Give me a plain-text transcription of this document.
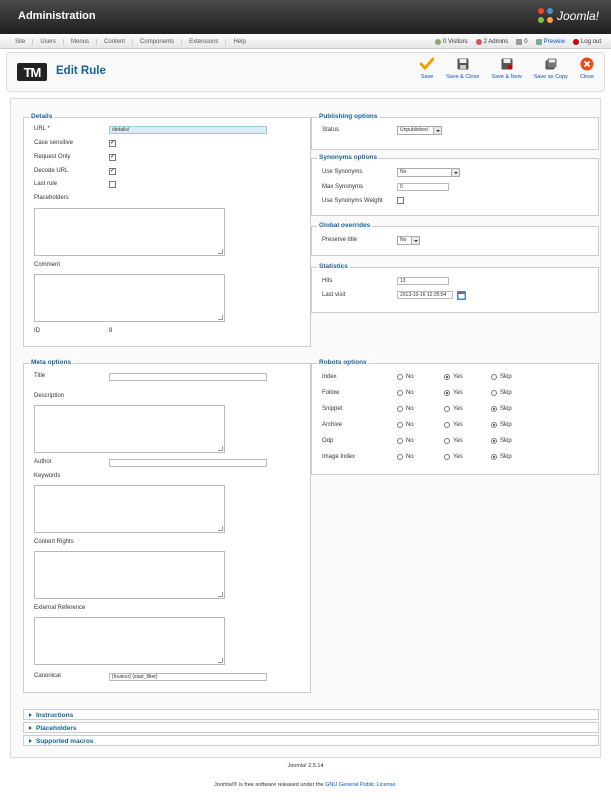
Administration	Joomla!
Site	Users	Menus	Content	Components	Extensions	Help	0 Visitors	2 Admins	0	Preview	Log out
TM	Edit Rule	Save Save & Close Save & New Save as Copy Close
Details
URL *	/details/
Case sensitive	✓
Request Only	✓
Decode URL	✓
Last rule
Placeholders
Comment
ID	8
Publishing options
Status	Unpublished
Synonyms options
Use Synonyms	No
Max Synonyms	0
Use Synonyms Weight
Global overrides
Preserve title	No
Statistics
Hits	13
Last visit	2013-10-16 12:35:54
Meta options
Title
Description
Author
Keywords
Content Rights
External Reference
Canonical	{fouteur} {start_filter}
Robots options
Index	No	Yes	Skip
Follow	No	Yes	Skip
Snippet	No	Yes	Skip
Archive	No	Yes	Skip
Odp	No	Yes	Skip
Image Index	No	Yes	Skip
Instructions
Placeholders
Supported macros
Joomla! 2.5.14
Joomla!® is free software released under the GNU General Public License.
